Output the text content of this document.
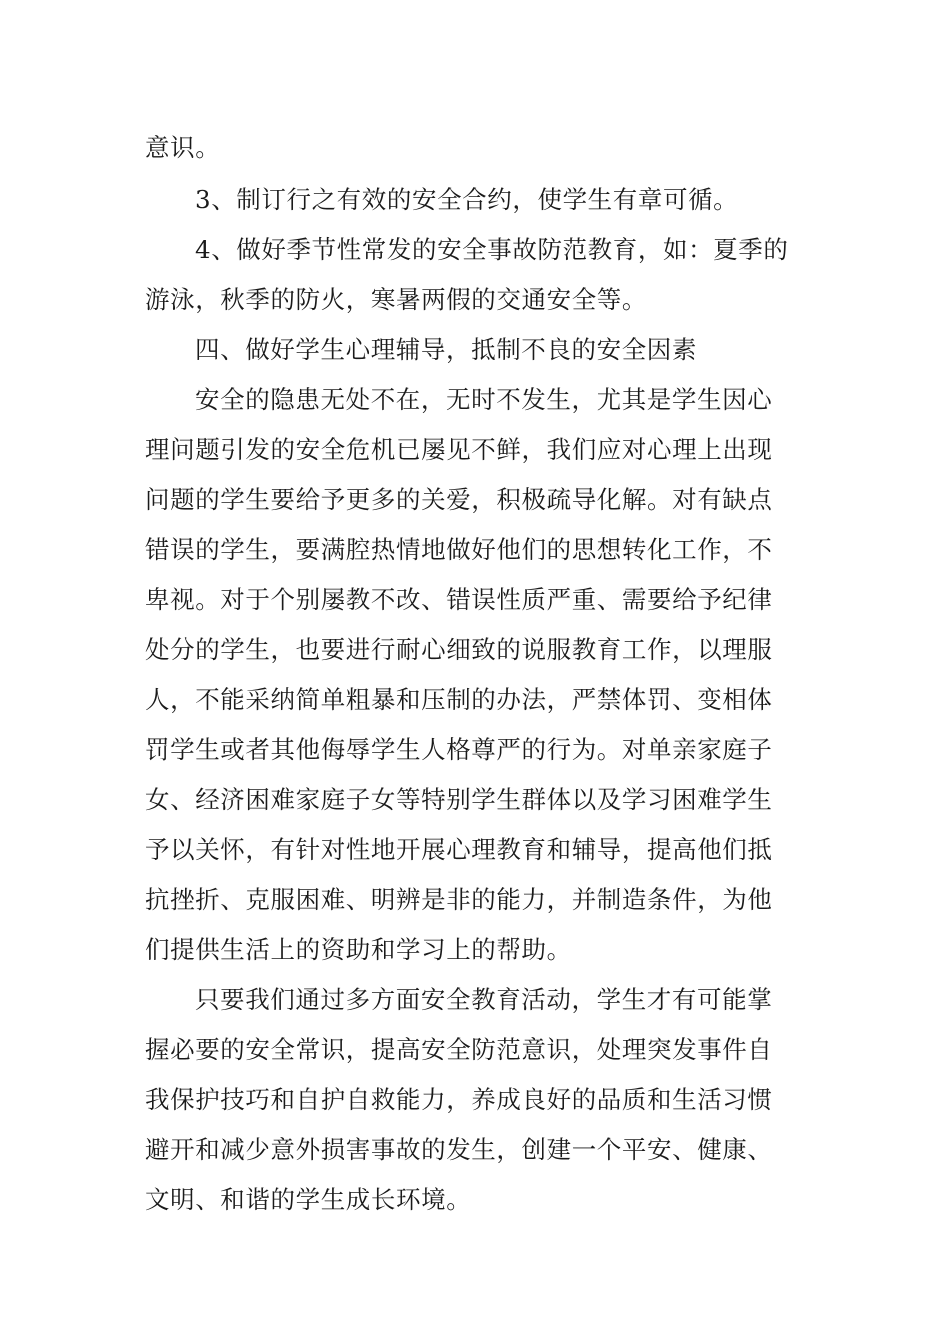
意识。
3、制订行之有效的安全合约，使学生有章可循。
4、做好季节性常发的安全事故防范教育，如：夏季的
游泳，秋季的防火，寒暑两假的交通安全等。
四、做好学生心理辅导，抵制不良的安全因素
安全的隐患无处不在，无时不发生，尤其是学生因心
理问题引发的安全危机已屡见不鲜，我们应对心理上出现
问题的学生要给予更多的关爱，积极疏导化解。对有缺点
错误的学生，要满腔热情地做好他们的思想转化工作，不
卑视。对于个别屡教不改、错误性质严重、需要给予纪律
处分的学生，也要进行耐心细致的说服教育工作，以理服
人，不能采纳简单粗暴和压制的办法，严禁体罚、变相体
罚学生或者其他侮辱学生人格尊严的行为。对单亲家庭子
女、经济困难家庭子女等特别学生群体以及学习困难学生
予以关怀，有针对性地开展心理教育和辅导，提高他们抵
抗挫折、克服困难、明辨是非的能力，并制造条件，为他
们提供生活上的资助和学习上的帮助。
只要我们通过多方面安全教育活动，学生才有可能掌
握必要的安全常识，提高安全防范意识，处理突发事件自
我保护技巧和自护自救能力，养成良好的品质和生活习惯
避开和减少意外损害事故的发生，创建一个平安、健康、
文明、和谐的学生成长环境。
